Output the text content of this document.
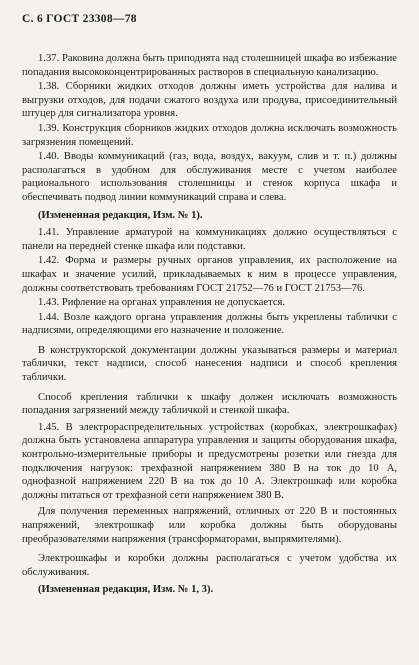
С. 6 ГОСТ 23308—78

1.37. Раковина должна быть приподнята над столешницей шкафа во избежание попадания высококонцентрированных растворов в специальную канализацию.

1.38. Сборники жидких отходов должны иметь устройства для налива и выгрузки отходов, для подачи сжатого воздуха или продува, присоединительный штуцер для сигнализатора уровня.

1.39. Конструкция сборников жидких отходов должна исключать возможность загрязнения помещений.

1.40. Вводы коммуникаций (газ, вода, воздух, вакуум, слив и т. п.) должны располагаться в удобном для обслуживания месте с учетом наиболее рационального использования столешницы и стенок корпуса шкафа и обеспечивать подвод линии коммуникаций справа и слева.

(Измененная редакция, Изм. № 1).

1.41. Управление арматурой на коммуникациях должно осуществляться с панели на передней стенке шкафа или подставки.

1.42. Форма и размеры ручных органов управления, их расположение на шкафах и значение усилий, прикладываемых к ним в процессе управления, должны соответствовать требованиям ГОСТ 21752—76 и ГОСТ 21753—76.

1.43. Рифление на органах управления не допускается.

1.44. Возле каждого органа управления должны быть укреплены таблички с надписями, определяющими его назначение и положение.

В конструкторской документации должны указываться размеры и материал таблички, текст надписи, способ нанесения надписи и способ крепления таблички.

Способ крепления таблички к шкафу должен исключать возможность попадания загрязнений между табличкой и стенкой шкафа.

1.45. В электрораспределительных устройствах (коробках, электрошкафах) должна быть установлена аппаратура управления и защиты оборудования шкафа, контрольно-измерительные приборы и предусмотрены розетки или гнезда для подключения нагрузок: трехфазной напряжением 380 В на ток до 10 А, однофазной напряжением 220 В на ток до 10 А. Электрошкаф или коробка должны питаться от трехфазной сети напряжением 380 В.

Для получения переменных напряжений, отличных от 220 В и постоянных напряжений, электрошкаф или коробка должны быть оборудованы преобразователями напряжения (трансформаторами, выпрямителями).

Электрошкафы и коробки должны располагаться с учетом удобства их обслуживания.

(Измененная редакция, Изм. № 1, 3).
